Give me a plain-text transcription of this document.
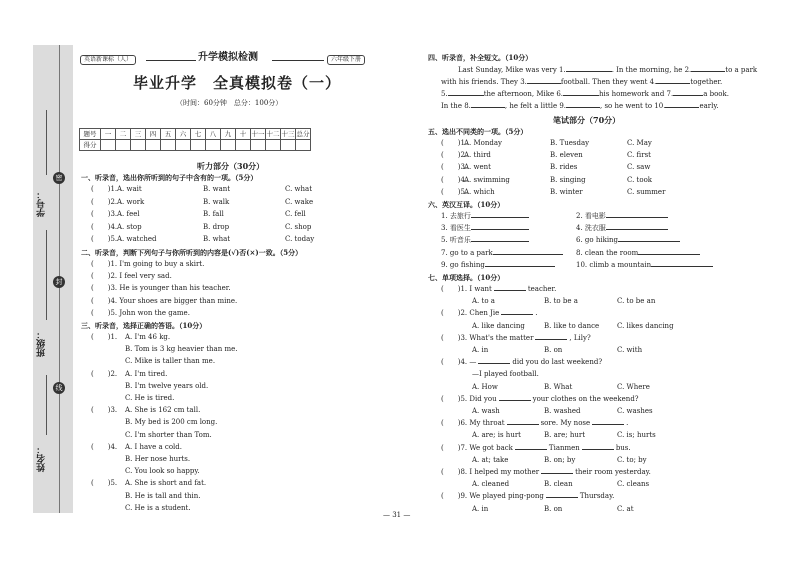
学号：
班级：
姓名：
密
封
线
英语新课标（人）	升学模拟检测	六年级下册
毕业升学　全真模拟卷（一）
（时间：60分钟　总分：100分）
题号	一	二	三	四	五	六	七	八	九	十	十一	十二	十三	总分
得分														
听力部分（30分）
一、听录音，选出你所听到的句子中含有的一项。（5分）
(　　)1. A. wait	B. want	C. what
(　　)2. A. work	B. walk	C. wake
(　　)3. A. feel	B. fall	C. fell
(　　)4. A. stop	B. drop	C. shop
(　　)5. A. watched	B. what	C. today
二、听录音，判断下列句子与你所听到的内容是(√)否(×)一致。（5分）
(　　)1. I'm going to buy a skirt.
(　　)2. I feel very sad.
(　　)3. He is younger than his teacher.
(　　)4. Your shoes are bigger than mine.
(　　)5. John won the game.
三、听录音，选择正确的答语。（10分）
(　　)1. A. I'm 46 kg.
B. Tom is 3 kg heavier than me.
C. Mike is taller than me.
(　　)2. A. I'm tired.
B. I'm twelve years old.
C. He is tired.
(　　)3. A. She is 162 cm tall.
B. My bed is 200 cm long.
C. I'm shorter than Tom.
(　　)4. A. I have a cold.
B. Her nose hurts.
C. You look so happy.
(　　)5. A. She is short and fat.
B. He is tall and thin.
C. He is a student.
四、听录音，补全短文。（10分）
Last Sunday, Mike was very 1.	. In the morning, he 2.	to a park
with his friends. They 3.	football. Then they went 4.	together.
5.	the afternoon, Mike 6.	his homework and 7.	a book.
In the 8.	, he felt a little 9.	, so he went to 10.	early.
笔试部分（70分）
五、选出不同类的一项。（5分）
(　　)1.
A. Monday	B. Tuesday	C. May
(　　)2.
A. third	B. eleven	C. first
(　　)3.
A. went	B. rides	C. saw
(　　)4.
A. swimming	B. singing	C. took
(　　)5.
A. which	B. winter	C. summer
六、英汉互译。（10分）
1. 去旅行	2. 看电影
3. 看医生	4. 洗衣服
5. 听音乐	6. go hiking
7. go to a park	8. clean the room
9. go fishing	10. climb a mountain
七、单项选择。（10分）
(　　)1. I want	teacher.
A. to a	B. to be a	C. to be an
(　　)2. Chen Jie	.
A. like dancing	B. like to dance	C. likes dancing
(　　)3. What's the matter	, Lily?
A. in	B. on	C. with
(　　)4. —	did you do last weekend?
—I played football.
A. How	B. What	C. Where
(　　)5. Did you	your clothes on the weekend?
A. wash	B. washed	C. washes
(　　)6. My throat	sore. My nose	.
A. are; is hurt	B. are; hurt	C. is; hurts
(　　)7. We got back	Tianmen	bus.
A. at; take	B. on; by	C. to; by
(　　)8. I helped my mother	their room yesterday.
A. cleaned	B. clean	C. cleans
(　　)9. We played ping-pong	Thursday.
A. in	B. on	C. at
— 31 —
